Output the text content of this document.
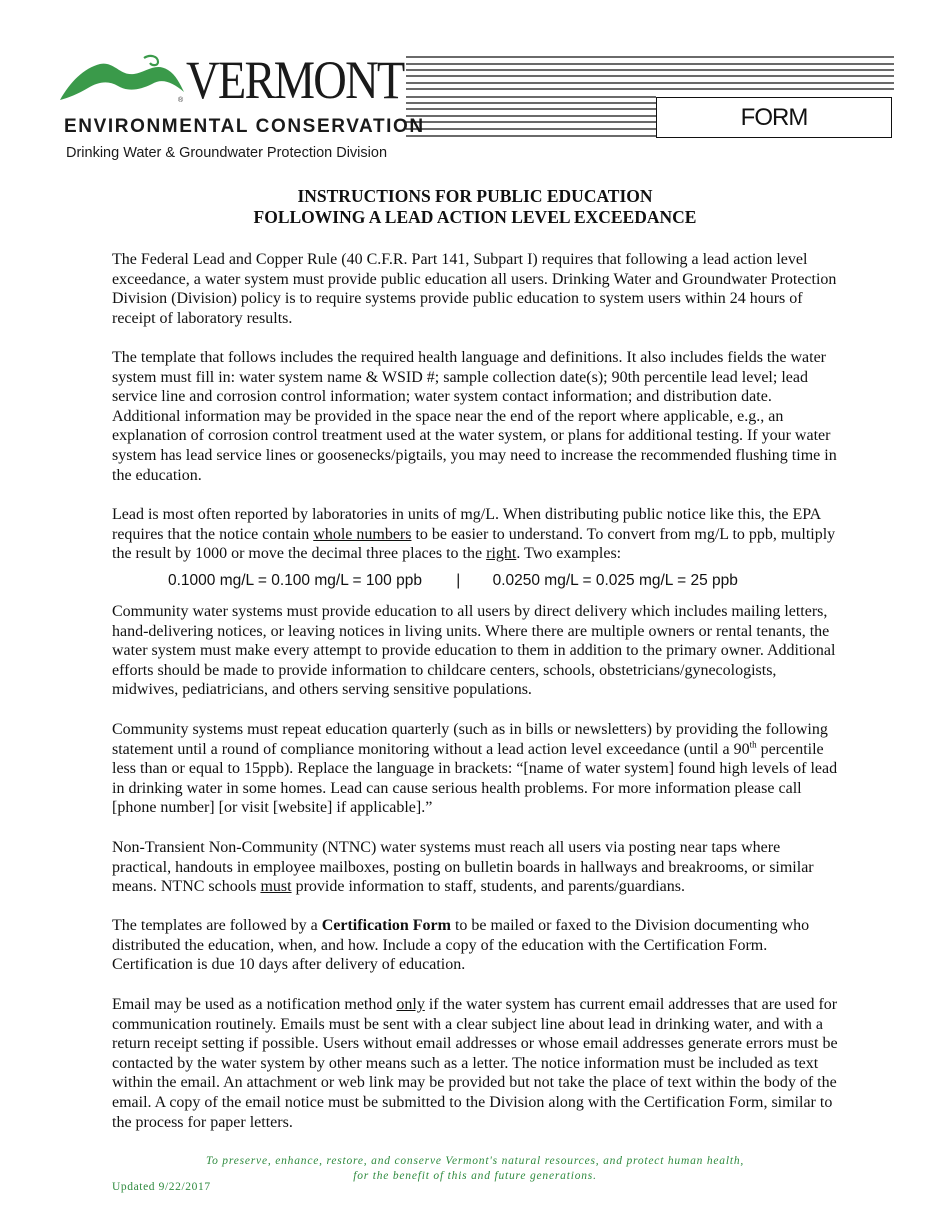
® VERMONT
ENVIRONMENTAL CONSERVATION
Drinking Water & Groundwater Protection Division
FORM
INSTRUCTIONS FOR PUBLIC EDUCATION
FOLLOWING A LEAD ACTION LEVEL EXCEEDANCE

The Federal Lead and Copper Rule (40 C.F.R. Part 141, Subpart I) requires that following a lead action level exceedance, a water system must provide public education all users. Drinking Water and Groundwater Protection Division (Division) policy is to require systems provide public education to system users within 24 hours of receipt of laboratory results.

The template that follows includes the required health language and definitions. It also includes fields the water system must fill in: water system name & WSID #; sample collection date(s); 90th percentile lead level; lead service line and corrosion control information; water system contact information; and distribution date. Additional information may be provided in the space near the end of the report where applicable, e.g., an explanation of corrosion control treatment used at the water system, or plans for additional testing. If your water system has lead service lines or goosenecks/pigtails, you may need to increase the recommended flushing time in the education.

Lead is most often reported by laboratories in units of mg/L. When distributing public notice like this, the EPA requires that the notice contain whole numbers to be easier to understand. To convert from mg/L to ppb, multiply the result by 1000 or move the decimal three places to the right. Two examples:

0.1000 mg/L = 0.100 mg/L = 100 ppb | 0.0250 mg/L = 0.025 mg/L = 25 ppb

Community water systems must provide education to all users by direct delivery which includes mailing letters, hand-delivering notices, or leaving notices in living units. Where there are multiple owners or rental tenants, the water system must make every attempt to provide education to them in addition to the primary owner. Additional efforts should be made to provide information to childcare centers, schools, obstetricians/gynecologists, midwives, pediatricians, and others serving sensitive populations.

Community systems must repeat education quarterly (such as in bills or newsletters) by providing the following statement until a round of compliance monitoring without a lead action level exceedance (until a 90th percentile less than or equal to 15ppb). Replace the language in brackets: “[name of water system] found high levels of lead in drinking water in some homes. Lead can cause serious health problems. For more information please call [phone number] [or visit [website] if applicable].”

Non-Transient Non-Community (NTNC) water systems must reach all users via posting near taps where practical, handouts in employee mailboxes, posting on bulletin boards in hallways and breakrooms, or similar means. NTNC schools must provide information to staff, students, and parents/guardians.

The templates are followed by a Certification Form to be mailed or faxed to the Division documenting who distributed the education, when, and how. Include a copy of the education with the Certification Form. Certification is due 10 days after delivery of education.

Email may be used as a notification method only if the water system has current email addresses that are used for communication routinely. Emails must be sent with a clear subject line about lead in drinking water, and with a return receipt setting if possible. Users without email addresses or whose email addresses generate errors must be contacted by the water system by other means such as a letter. The notice information must be included as text within the email. An attachment or web link may be provided but not take the place of text within the body of the email. A copy of the email notice must be submitted to the Division along with the Certification Form, similar to the process for paper letters.

To preserve, enhance, restore, and conserve Vermont's natural resources, and protect human health,
for the benefit of this and future generations.
Updated 9/22/2017
